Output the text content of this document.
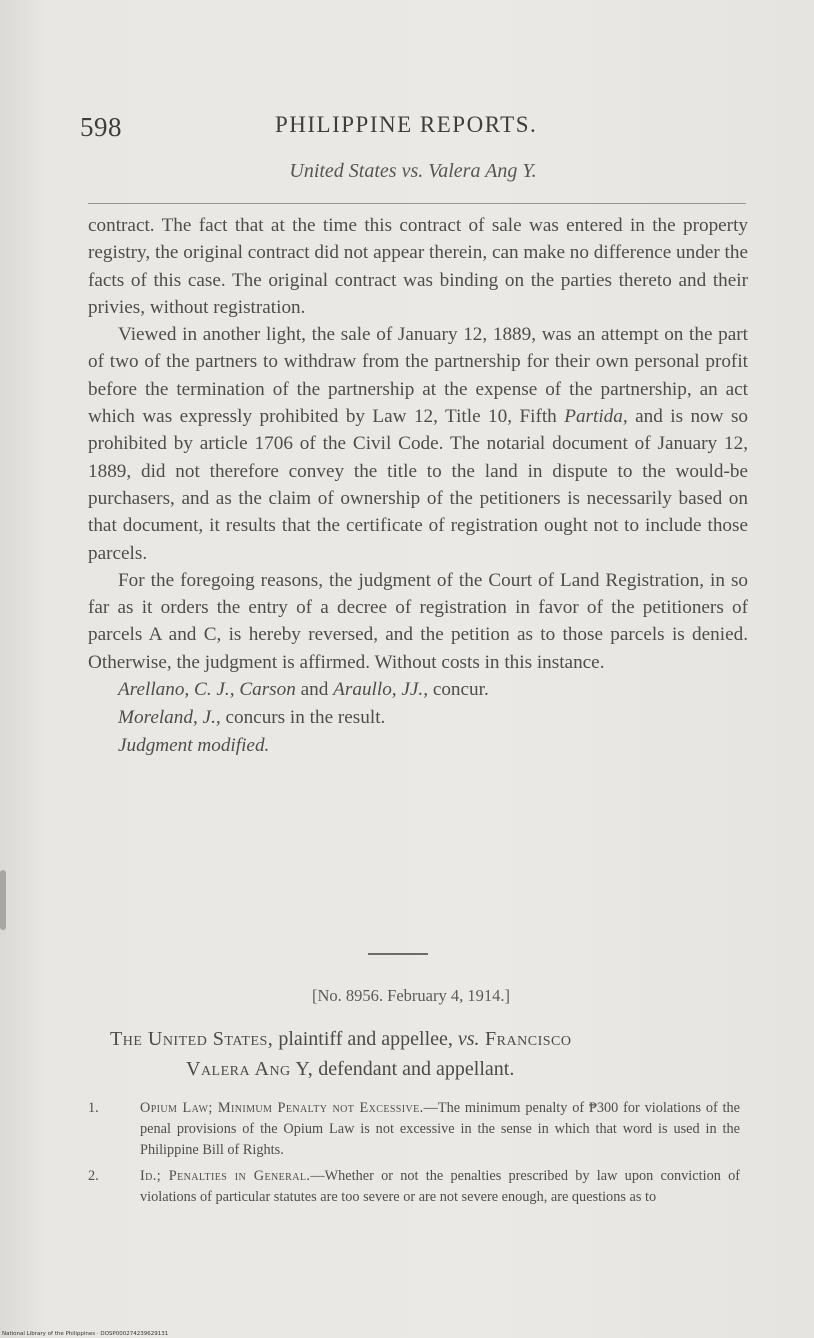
598	PHILIPPINE REPORTS.
United States vs. Valera Ang Y.

contract. The fact that at the time this contract of sale was entered in the property registry, the original contract did not appear therein, can make no difference under the facts of this case. The original contract was binding on the parties thereto and their privies, without registration.

Viewed in another light, the sale of January 12, 1889, was an attempt on the part of two of the partners to withdraw from the partnership for their own personal profit before the termination of the partnership at the expense of the partnership, an act which was expressly prohibited by Law 12, Title 10, Fifth Partida, and is now so prohibited by article 1706 of the Civil Code. The notarial document of January 12, 1889, did not therefore convey the title to the land in dispute to the would-be purchasers, and as the claim of ownership of the petitioners is necessarily based on that document, it results that the certificate of registration ought not to include those parcels.

For the foregoing reasons, the judgment of the Court of Land Registration, in so far as it orders the entry of a decree of registration in favor of the petitioners of parcels A and C, is hereby reversed, and the petition as to those parcels is denied. Otherwise, the judgment is affirmed. Without costs in this instance.

Arellano, C. J., Carson and Araullo, JJ., concur.
Moreland, J., concurs in the result.
Judgment modified.
[No. 8956. February 4, 1914.]
The United States, plaintiff and appellee, vs. Francisco
Valera Ang Y, defendant and appellant.
1.	Opium Law; Minimum Penalty not Excessive.—The minimum penalty of ₱300 for violations of the penal provisions of the Opium Law is not excessive in the sense in which that word is used in the Philippine Bill of Rights.
2.	Id.; Penalties in General.—Whether or not the penalties prescribed by law upon conviction of violations of particular statutes are too severe or are not severe enough, are questions as to
National Library of the Philippines · DOSP000274239629131
